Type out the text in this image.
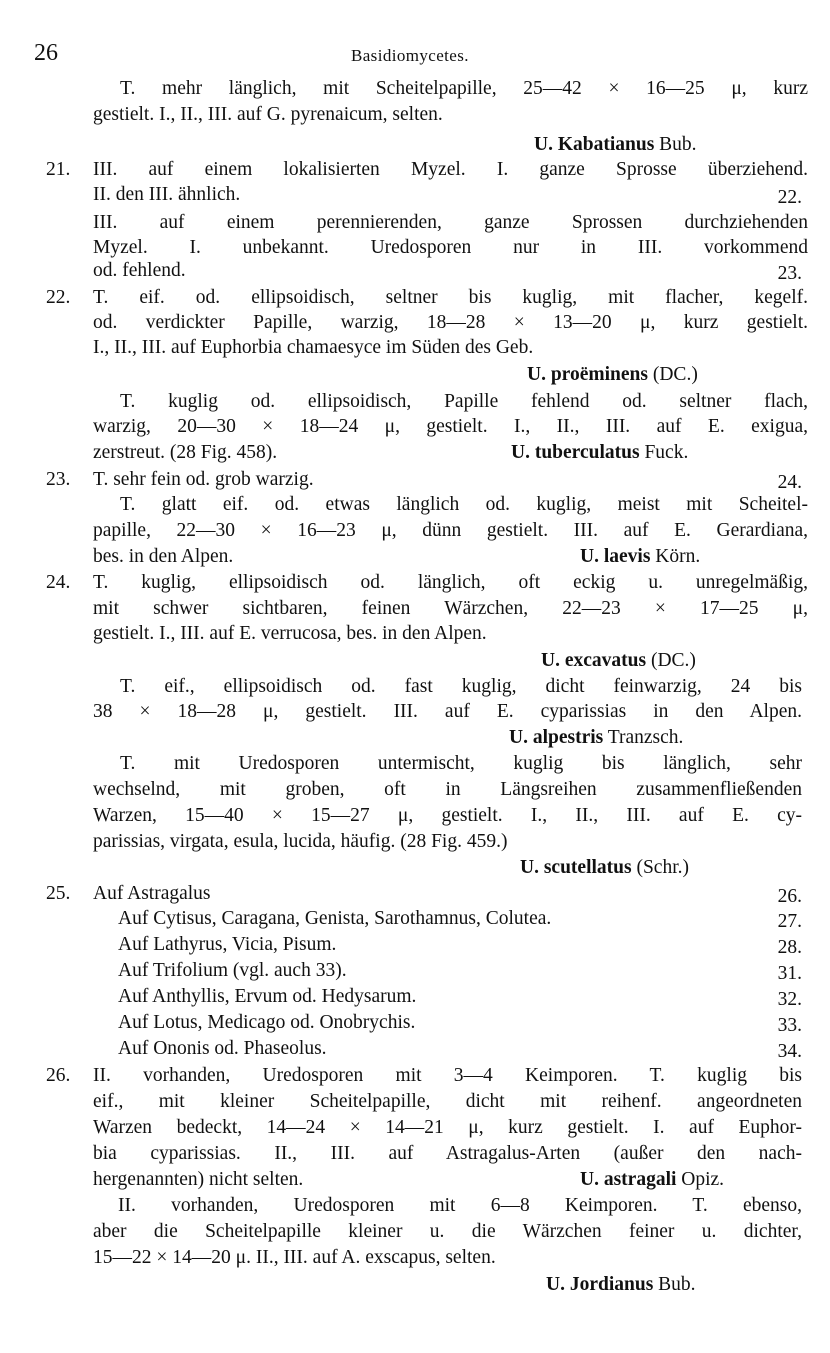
26	Basidiomycetes.
T. mehr länglich, mit Scheitelpapille, 25—42 × 16—25 μ, kurz
gestielt. I., II., III. auf G. pyrenaicum, selten.
U. Kabatianus Bub.
21. III. auf einem lokalisierten Myzel. I. ganze Sprosse überziehend.
II. den III. ähnlich.	22.
III. auf einem perennierenden, ganze Sprossen durchziehenden
Myzel. I. unbekannt. Uredosporen nur in III. vorkommend
od. fehlend.	23.
22. T. eif. od. ellipsoidisch, seltner bis kuglig, mit flacher, kegelf.
od. verdickter Papille, warzig, 18—28 × 13—20 μ, kurz gestielt.
I., II., III. auf Euphorbia chamaesyce im Süden des Geb.
U. proëminens (DC.)
T. kuglig od. ellipsoidisch, Papille fehlend od. seltner flach,
warzig, 20—30 × 18—24 μ, gestielt. I., II., III. auf E. exigua,
zerstreut. (28 Fig. 458).	U. tuberculatus Fuck.
23. T. sehr fein od. grob warzig.	24.
T. glatt eif. od. etwas länglich od. kuglig, meist mit Scheitel-
papille, 22—30 × 16—23 μ, dünn gestielt. III. auf E. Gerardiana,
bes. in den Alpen.	U. laevis Körn.
24. T. kuglig, ellipsoidisch od. länglich, oft eckig u. unregelmäßig,
mit schwer sichtbaren, feinen Wärzchen, 22—23 × 17—25 μ,
gestielt. I., III. auf E. verrucosa, bes. in den Alpen.
U. excavatus (DC.)
T. eif., ellipsoidisch od. fast kuglig, dicht feinwarzig, 24 bis
38 × 18—28 μ, gestielt. III. auf E. cyparissias in den Alpen.
U. alpestris Tranzsch.
T. mit Uredosporen untermischt, kuglig bis länglich, sehr
wechselnd, mit groben, oft in Längsreihen zusammenfließenden
Warzen, 15—40 × 15—27 μ, gestielt. I., II., III. auf E. cy-
parissias, virgata, esula, lucida, häufig. (28 Fig. 459.)
U. scutellatus (Schr.)
25. Auf Astragalus	26.
Auf Cytisus, Caragana, Genista, Sarothamnus, Colutea.	27.
Auf Lathyrus, Vicia, Pisum.	28.
Auf Trifolium (vgl. auch 33).	31.
Auf Anthyllis, Ervum od. Hedysarum.	32.
Auf Lotus, Medicago od. Onobrychis.	33.
Auf Ononis od. Phaseolus.	34.
26. II. vorhanden, Uredosporen mit 3—4 Keimporen. T. kuglig bis
eif., mit kleiner Scheitelpapille, dicht mit reihenf. angeordneten
Warzen bedeckt, 14—24 × 14—21 μ, kurz gestielt. I. auf Euphor-
bia cyparissias. II., III. auf Astragalus-Arten (außer den nach-
hergenannten) nicht selten.	U. astragali Opiz.
II. vorhanden, Uredosporen mit 6—8 Keimporen. T. ebenso,
aber die Scheitelpapille kleiner u. die Wärzchen feiner u. dichter,
15—22 × 14—20 μ. II., III. auf A. exscapus, selten.
U. Jordianus Bub.
